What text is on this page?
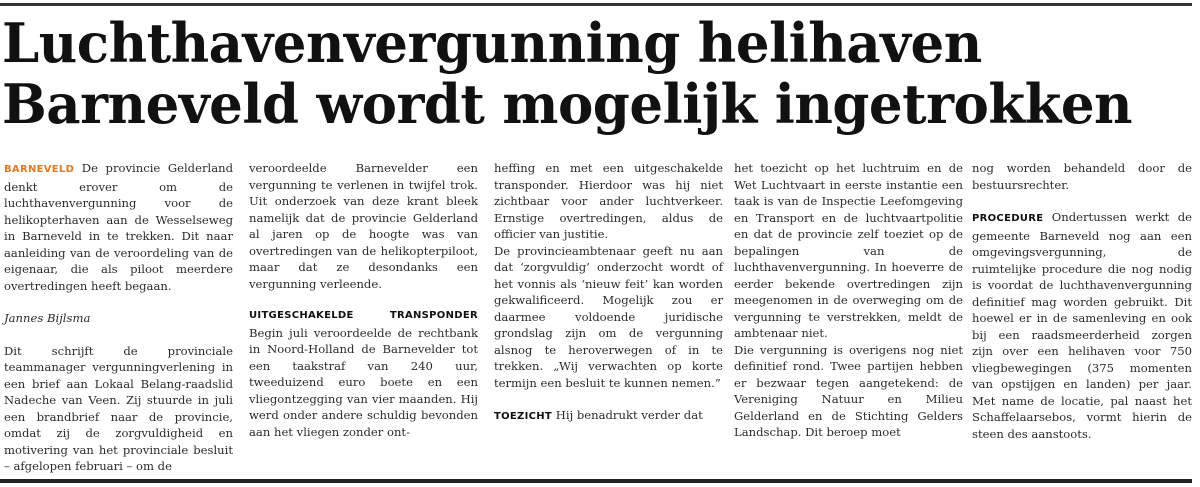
Luchthavenvergunning helihaven
Barneveld wordt mogelijk ingetrokken

BARNEVELD De provincie Gelderland denkt erover om de luchthavenvergunning voor de helikopterhaven aan de Wesselseweg in Barneveld in te trekken. Dit naar aanleiding van de veroordeling van de eigenaar, die als piloot meerdere overtredingen heeft begaan.

Jannes Bijlsma

Dit schrijft de provinciale teammanager vergunningverlening in een brief aan Lokaal Belang-raadslid Nadeche van Veen. Zij stuurde in juli een brandbrief naar de provincie, omdat zij de zorgvuldigheid en motivering van het provinciale besluit – afgelopen februari – om de

veroordeelde Barnevelder een vergunning te verlenen in twijfel trok. Uit onderzoek van deze krant bleek namelijk dat de provincie Gelderland al jaren op de hoogte was van overtredingen van de helikopterpiloot, maar dat ze desondanks een vergunning verleende.

UITGESCHAKELDE	TRANSPONDER

Begin juli veroordeelde de rechtbank in Noord-Holland de Barnevelder tot een taakstraf van 240 uur, tweeduizend euro boete en een vliegontzegging van vier maanden. Hij werd onder andere schuldig bevonden aan het vliegen zonder ont-

heffing en met een uitgeschakelde transponder. Hierdoor was hij niet zichtbaar voor ander luchtverkeer. Ernstige overtredingen, aldus de officier van justitie.

De provincieambtenaar geeft nu aan dat ‘zorgvuldig’ onderzocht wordt of het vonnis als ‘nieuw feit’ kan worden gekwalificeerd. Mogelijk zou er daarmee voldoende juridische grondslag zijn om de vergunning alsnog te heroverwegen of in te trekken. „Wij verwachten op korte termijn een besluit te kunnen nemen.”

TOEZICHT Hij benadrukt verder dat

het toezicht op het luchtruim en de Wet Luchtvaart in eerste instantie een taak is van de Inspectie Leefomgeving en Transport en de luchtvaartpolitie en dat de provincie zelf toeziet op de bepalingen van de luchthavenvergunning. In hoeverre de eerder bekende overtredingen zijn meegenomen in de overweging om de vergunning te verstrekken, meldt de ambtenaar niet.

Die vergunning is overigens nog niet definitief rond. Twee partijen hebben er bezwaar tegen aangetekend: de Vereniging Natuur en Milieu Gelderland en de Stichting Gelders Landschap. Dit beroep moet

nog worden behandeld door de bestuursrechter.

PROCEDURE Ondertussen werkt de gemeente Barneveld nog aan een omgevingsvergunning, de ruimtelijke procedure die nog nodig is voordat de luchthavenvergunning definitief mag worden gebruikt. Dit hoewel er in de samenleving en ook bij een raadsmeerderheid zorgen zijn over een helihaven voor 750 vliegbewegingen (375 momenten van opstijgen en landen) per jaar. Met name de locatie, pal naast het Schaffelaarsebos, vormt hierin de steen des aanstoots.
